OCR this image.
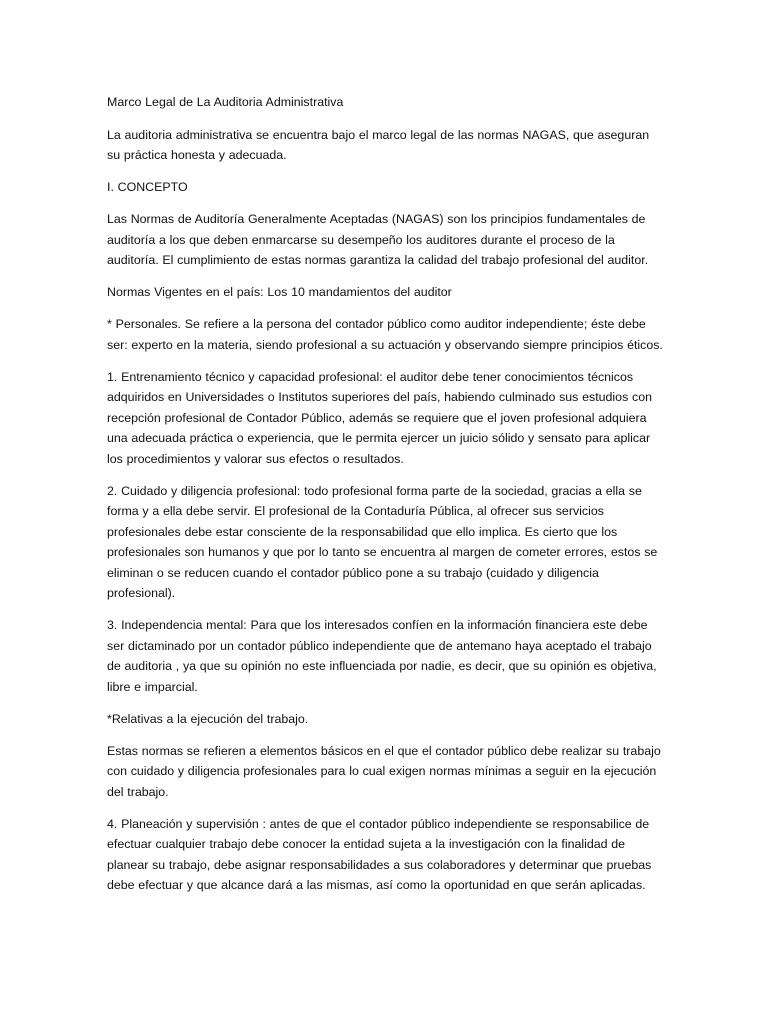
Marco Legal de La Auditoria Administrativa

La auditoria administrativa se encuentra bajo el marco legal de las normas NAGAS, que aseguran su práctica honesta y adecuada.

I. CONCEPTO

Las Normas de Auditoría Generalmente Aceptadas (NAGAS) son los principios fundamentales de auditoría a los que deben enmarcarse su desempeño los auditores durante el proceso de la auditoría. El cumplimiento de estas normas garantiza la calidad del trabajo profesional del auditor.

Normas Vigentes en el país: Los 10 mandamientos del auditor

* Personales. Se refiere a la persona del contador público como auditor independiente; éste debe ser: experto en la materia, siendo profesional a su actuación y observando siempre principios éticos.

1. Entrenamiento técnico y capacidad profesional: el auditor debe tener conocimientos técnicos adquiridos en Universidades o Institutos superiores del país, habiendo culminado sus estudios con recepción profesional de Contador Público, además se requiere que el joven profesional adquiera una adecuada práctica o experiencia, que le permita ejercer un juicio sólido y sensato para aplicar los procedimientos y valorar sus efectos o resultados.

2. Cuidado y diligencia profesional: todo profesional forma parte de la sociedad, gracias a ella se forma y a ella debe servir. El profesional de la Contaduría Pública, al ofrecer sus servicios profesionales debe estar consciente de la responsabilidad que ello implica. Es cierto que los profesionales son humanos y que por lo tanto se encuentra al margen de cometer errores, estos se eliminan o se reducen cuando el contador público pone a su trabajo (cuidado y diligencia profesional).

3. Independencia mental: Para que los interesados confíen en la información financiera este debe ser dictaminado por un contador público independiente que de antemano haya aceptado el trabajo de auditoria , ya que su opinión no este influenciada por nadie, es decir, que su opinión es objetiva, libre e imparcial.

*Relativas a la ejecución del trabajo.

Estas normas se refieren a elementos básicos en el que el contador público debe realizar su trabajo con cuidado y diligencia profesionales para lo cual exigen normas mínimas a seguir en la ejecución del trabajo.

4. Planeación y supervisión : antes de que el contador público independiente se responsabilice de efectuar cualquier trabajo debe conocer la entidad sujeta a la investigación con la finalidad de planear su trabajo, debe asignar responsabilidades a sus colaboradores y determinar que pruebas debe efectuar y que alcance dará a las mismas, así como la oportunidad en que serán aplicadas.
